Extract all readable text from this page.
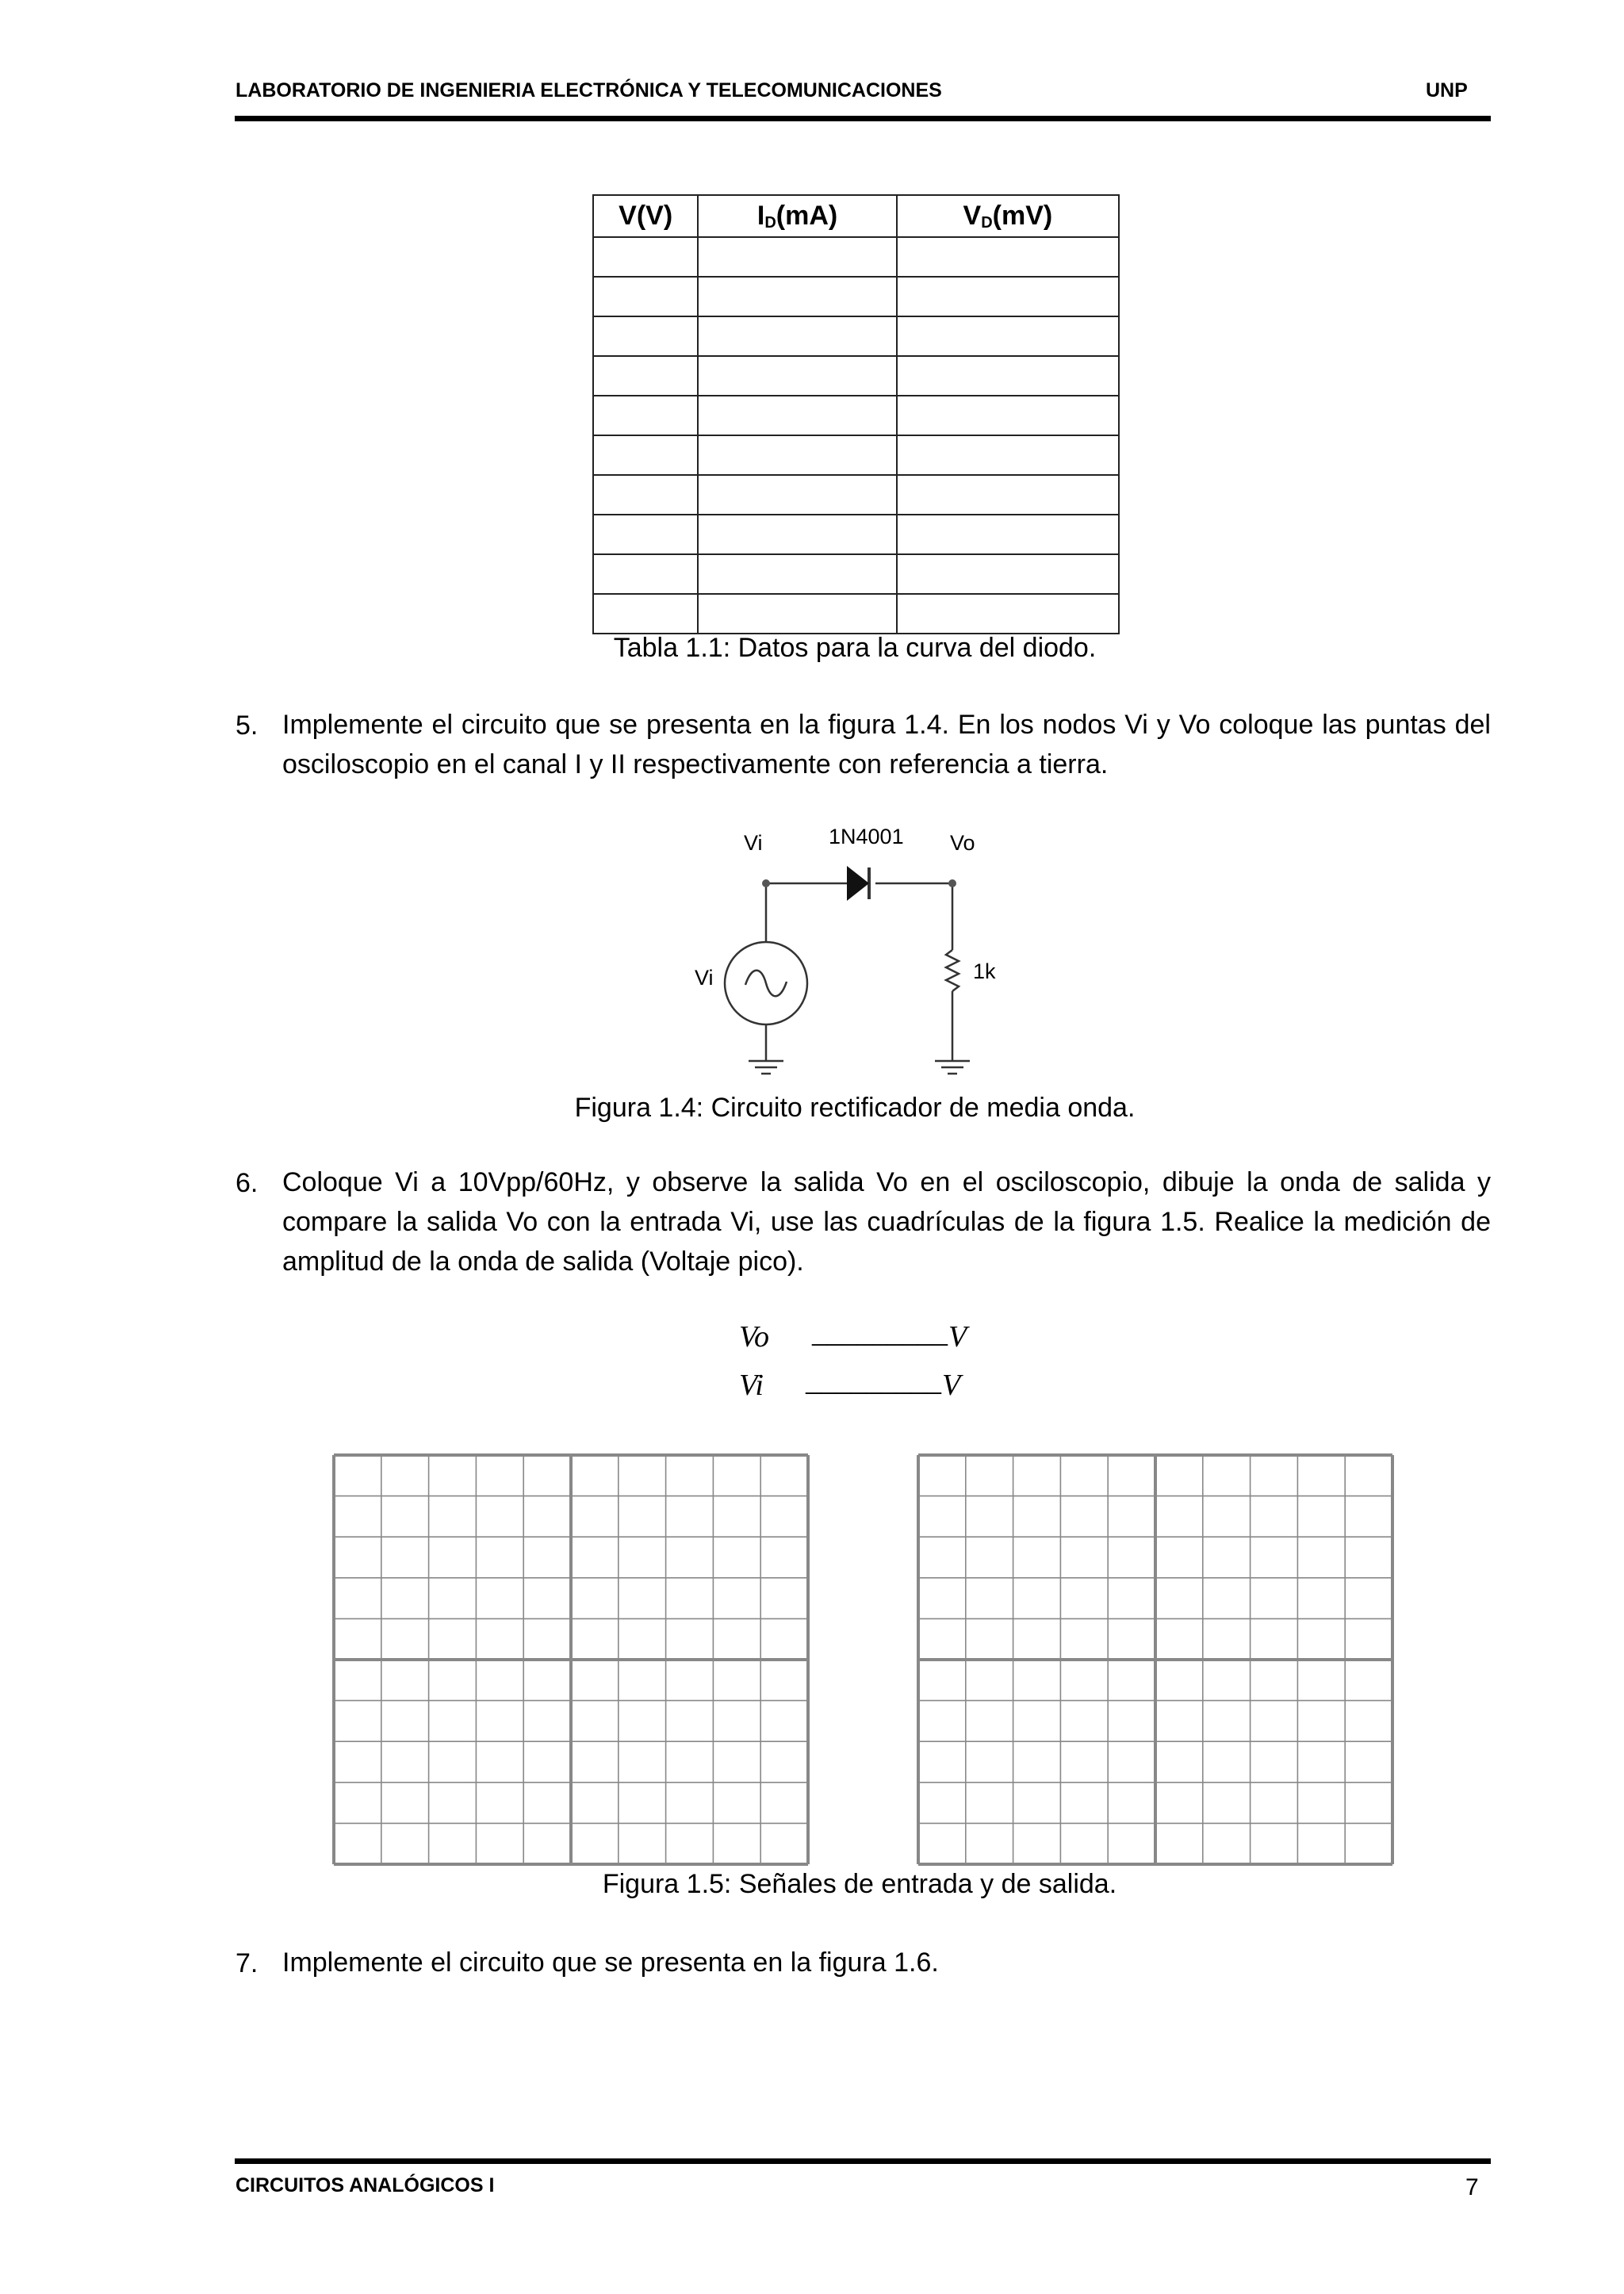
LABORATORIO DE INGENIERIA ELECTRÓNICA Y TELECOMUNICACIONES	UNP
V(V)	$I_D(mA)$	$V_D(mV)$

Tabla 1.1: Datos para la curva del diodo.
5. Implemente el circuito que se presenta en la figura 1.4. En los nodos Vi y Vo coloque las puntas del
osciloscopio en el canal I y II respectivamente con referencia a tierra.
Vi	1N4001 Vo
Vi	1k
Figura 1.4: Circuito rectificador de media onda.
6. Coloque Vi a 10Vpp/60Hz, y observe la salida Vo en el osciloscopio, dibuje la onda de salida y
compare la salida Vo con la entrada Vi, use las cuadrículas de la figura 1.5. Realice la medición de
amplitud de la onda de salida (Voltaje pico).
Vo _________ V
Vi _________ V
Figura 1.5: Señales de entrada y de salida.
7. Implemente el circuito que se presenta en la figura 1.6.
CIRCUITOS ANALÓGICOS I	7
